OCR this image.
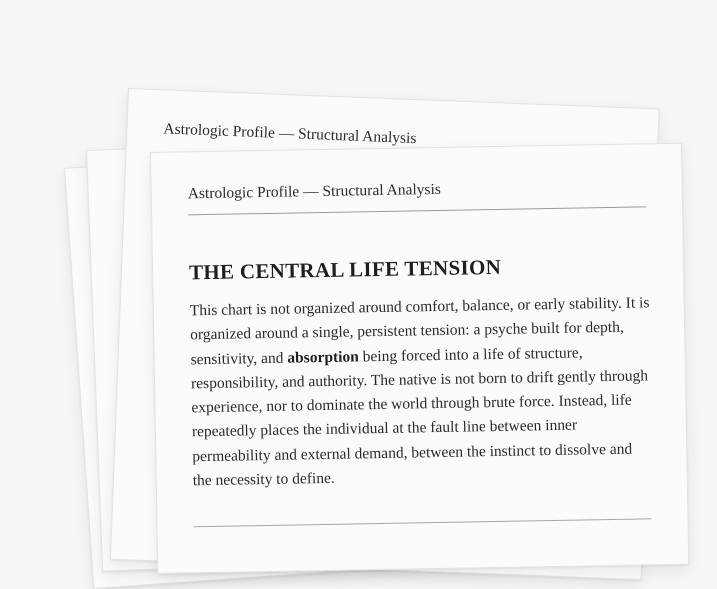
Astrologic Profile — Structural Analysis
Astrologic Profile — Structural Analysis
THE CENTRAL LIFE TENSION

This chart is not organized around comfort, balance, or early stability. It is organized around a single, persistent tension: a psyche built for depth, sensitivity, and absorption being forced into a life of structure, responsibility, and authority. The native is not born to drift gently through experience, nor to dominate the world through brute force. Instead, life repeatedly places the individual at the fault line between inner permeability and external demand, between the instinct to dissolve and the necessity to define.
